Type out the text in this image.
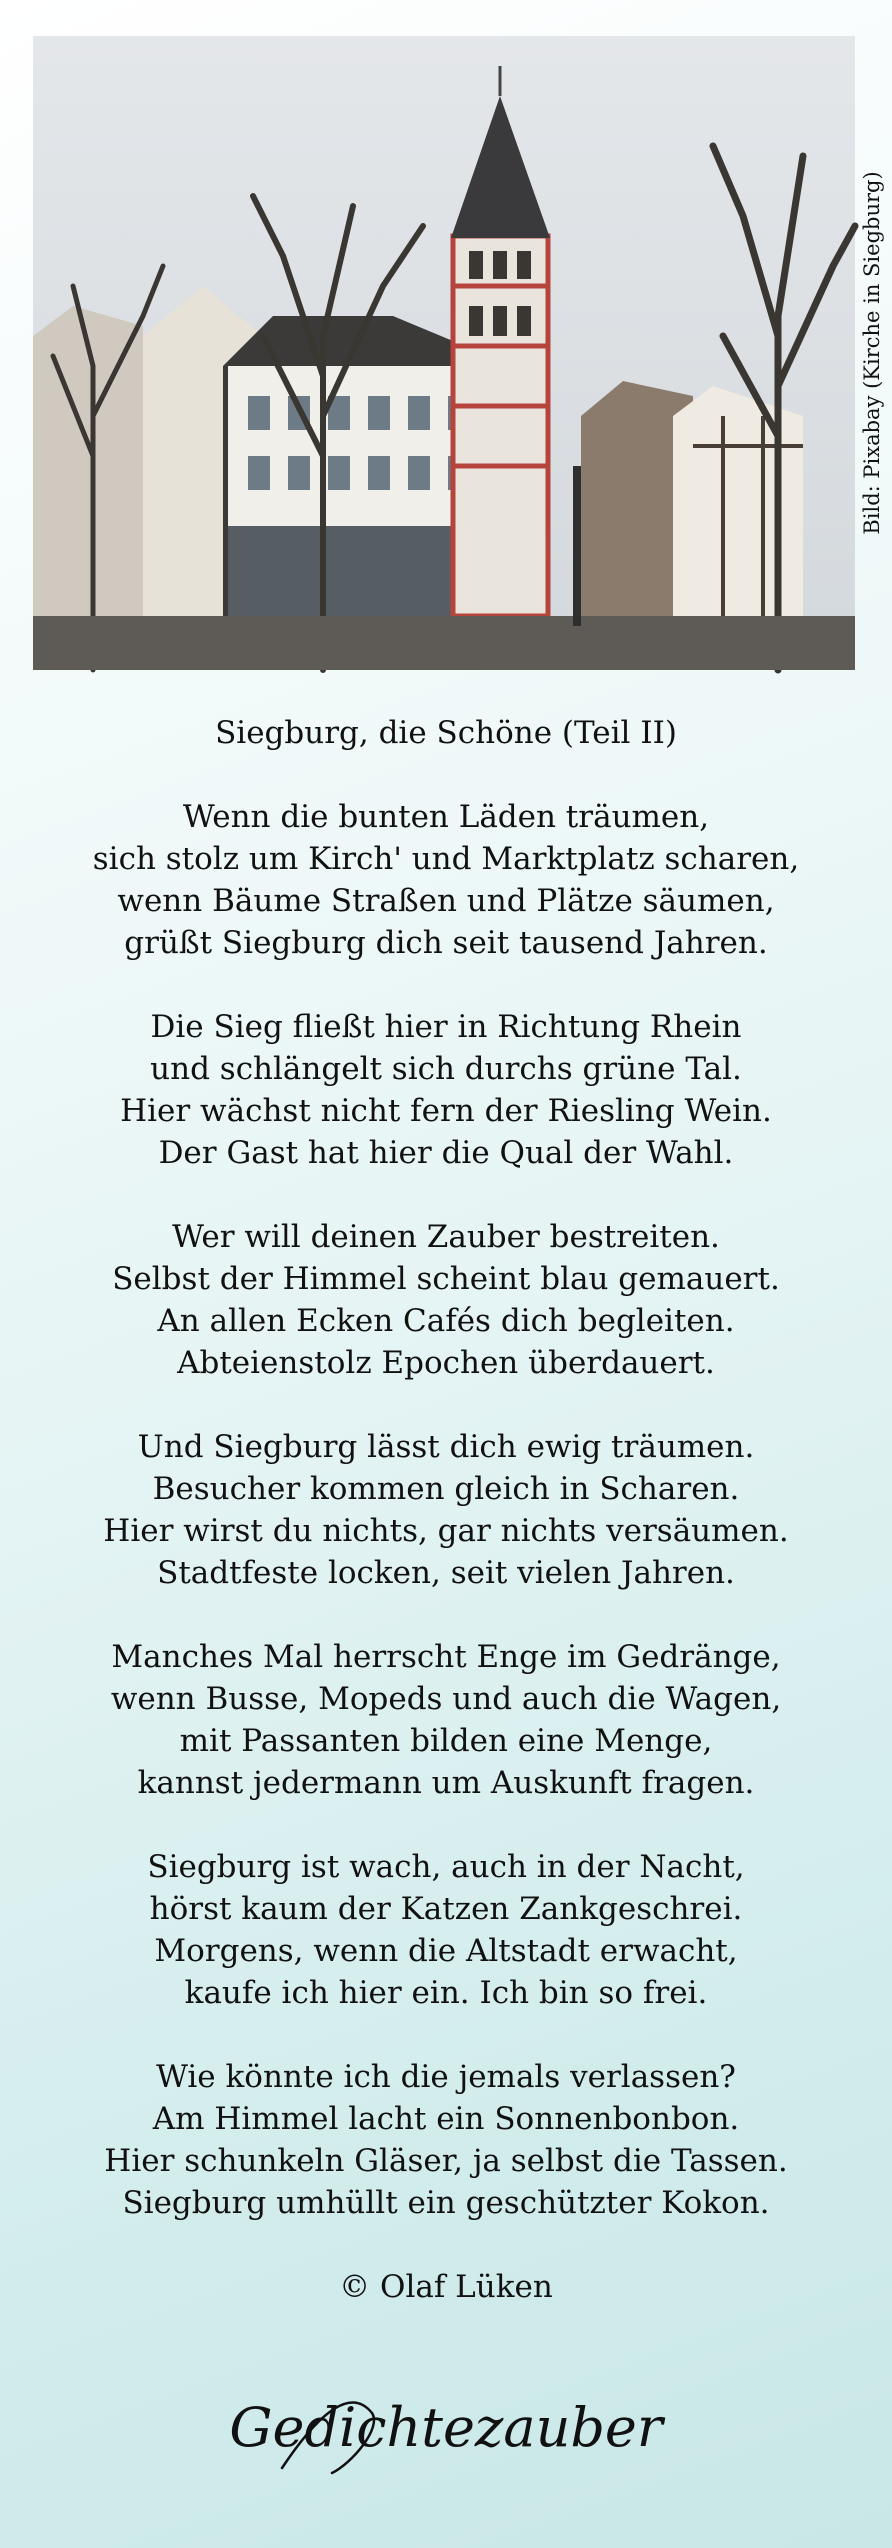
Bild: Pixabay (Kirche in Siegburg)
Siegburg, die Schöne (Teil II)
Wenn die bunten Läden träumen,
sich stolz um Kirch' und Marktplatz scharen,
wenn Bäume Straßen und Plätze säumen,
grüßt Siegburg dich seit tausend Jahren.
Die Sieg fließt hier in Richtung Rhein
und schlängelt sich durchs grüne Tal.
Hier wächst nicht fern der Riesling Wein.
Der Gast hat hier die Qual der Wahl.
Wer will deinen Zauber bestreiten.
Selbst der Himmel scheint blau gemauert.
An allen Ecken Cafés dich begleiten.
Abteienstolz Epochen überdauert.
Und Siegburg lässt dich ewig träumen.
Besucher kommen gleich in Scharen.
Hier wirst du nichts, gar nichts versäumen.
Stadtfeste locken, seit vielen Jahren.
Manches Mal herrscht Enge im Gedränge,
wenn Busse, Mopeds und auch die Wagen,
mit Passanten bilden eine Menge,
kannst jedermann um Auskunft fragen.
Siegburg ist wach, auch in der Nacht,
hörst kaum der Katzen Zankgeschrei.
Morgens, wenn die Altstadt erwacht,
kaufe ich hier ein. Ich bin so frei.
Wie könnte ich die jemals verlassen?
Am Himmel lacht ein Sonnenbonbon.
Hier schunkeln Gläser, ja selbst die Tassen.
Siegburg umhüllt ein geschützter Kokon.
© Olaf Lüken
Gedichtezauber
